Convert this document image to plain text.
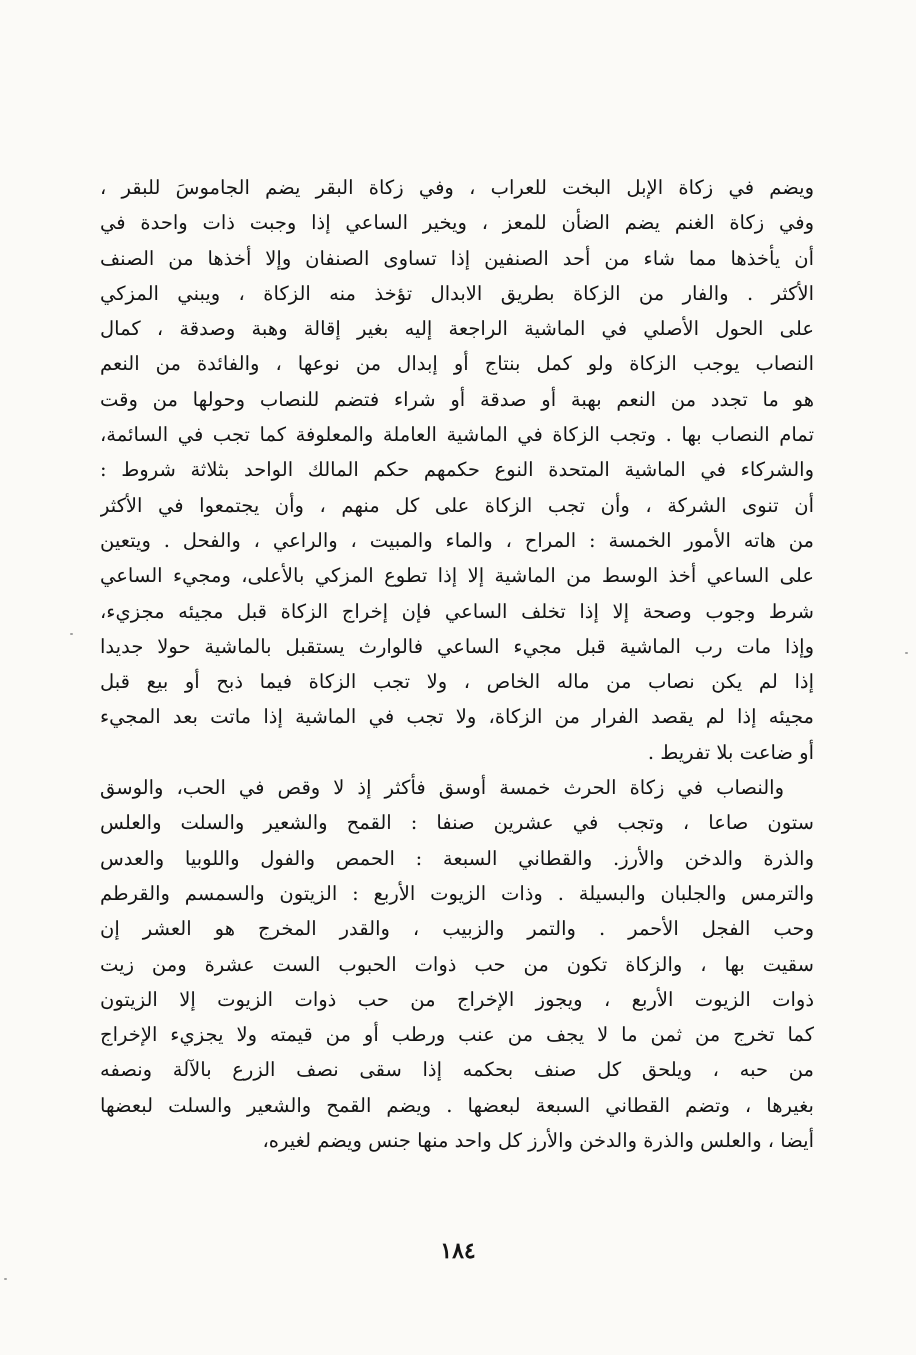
ويضم في زكاة الإبل البخت للعراب ، وفي زكاة البقر يضم الجاموسَ للبقر ،
وفي زكاة الغنم يضم الضأن للمعز ، ويخير الساعي إذا وجبت ذات واحدة في
أن يأخذها مما شاء من أحد الصنفين إذا تساوى الصنفان وإلا أخذها من الصنف
الأكثر . والفار من الزكاة بطريق الابدال تؤخذ منه الزكاة ، ويبني المزكي
على الحول الأصلي في الماشية الراجعة إليه بغير إقالة وهبة وصدقة ، كمال
النصاب يوجب الزكاة ولو كمل بنتاج أو إبدال من نوعها ، والفائدة من النعم
هو ما تجدد من النعم بهبة أو صدقة أو شراء فتضم للنصاب وحولها من وقت
تمام النصاب بها . وتجب الزكاة في الماشية العاملة والمعلوفة كما تجب في السائمة،
والشركاء في الماشية المتحدة النوع حكمهم حكم المالك الواحد بثلاثة شروط :
أن تنوى الشركة ، وأن تجب الزكاة على كل منهم ، وأن يجتمعوا في الأكثر
من هاته الأمور الخمسة : المراح ، والماء والمبيت ، والراعي ، والفحل . ويتعين
على الساعي أخذ الوسط من الماشية إلا إذا تطوع المزكي بالأعلى، ومجيء الساعي
شرط وجوب وصحة إلا إذا تخلف الساعي فإن إخراج الزكاة قبل مجيئه مجزيء،
وإذا مات رب الماشية قبل مجيء الساعي فالوارث يستقبل بالماشية حولا جديدا
إذا لم يكن نصاب من ماله الخاص ، ولا تجب الزكاة فيما ذبح أو بيع قبل
مجيئه إذا لم يقصد الفرار من الزكاة، ولا تجب في الماشية إذا ماتت بعد المجيء
أو ضاعت بلا تفريط .
والنصاب في زكاة الحرث خمسة أوسق فأكثر إذ لا وقص في الحب، والوسق
ستون صاعا ، وتجب في عشرين صنفا : القمح والشعير والسلت والعلس
والذرة والدخن والأرز. والقطاني السبعة : الحمص والفول واللوبيا والعدس
والترمس والجلبان والبسيلة . وذات الزيوت الأربع : الزيتون والسمسم والقرطم
وحب الفجل الأحمر . والتمر والزبيب ، والقدر المخرج هو العشر إن
سقيت بها ، والزكاة تكون من حب ذوات الحبوب الست عشرة ومن زيت
ذوات الزيوت الأربع ، ويجوز الإخراج من حب ذوات الزيوت إلا الزيتون
كما تخرج من ثمن ما لا يجف من عنب ورطب أو من قيمته ولا يجزيء الإخراج
من حبه ، ويلحق كل صنف بحكمه إذا سقى نصف الزرع بالآلة ونصفه
بغيرها ، وتضم القطاني السبعة لبعضها . ويضم القمح والشعير والسلت لبعضها
أيضا ، والعلس والذرة والدخن والأرز كل واحد منها جنس ويضم لغيره،
١٨٤
